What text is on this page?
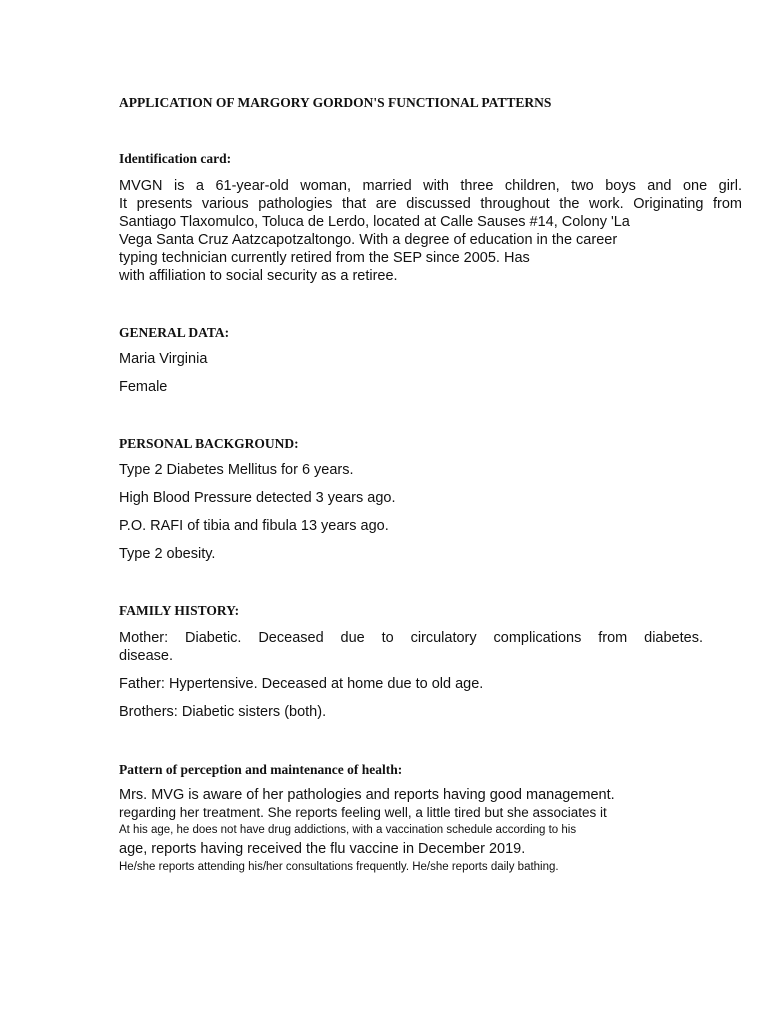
APPLICATION OF MARGORY GORDON'S FUNCTIONAL PATTERNS
Identification card:
MVGN is a 61-year-old woman, married with three children, two boys and one girl.
It presents various pathologies that are discussed throughout the work. Originating from
Santiago Tlaxomulco, Toluca de Lerdo, located at Calle Sauses #14, Colony 'La
Vega Santa Cruz Aatzcapotzaltongo. With a degree of education in the career
typing technician currently retired from the SEP since 2005. Has
with affiliation to social security as a retiree.
GENERAL DATA:
Maria Virginia
Female
PERSONAL BACKGROUND:
Type 2 Diabetes Mellitus for 6 years.
High Blood Pressure detected 3 years ago.
P.O. RAFI of tibia and fibula 13 years ago.
Type 2 obesity.
FAMILY HISTORY:
Mother: Diabetic. Deceased due to circulatory complications from diabetes.
disease.
Father: Hypertensive. Deceased at home due to old age.
Brothers: Diabetic sisters (both).
Pattern of perception and maintenance of health:
Mrs. MVG is aware of her pathologies and reports having good management.
regarding her treatment. She reports feeling well, a little tired but she associates it
At his age, he does not have drug addictions, with a vaccination schedule according to his
age, reports having received the flu vaccine in December 2019.
He/she reports attending his/her consultations frequently. He/she reports daily bathing.
